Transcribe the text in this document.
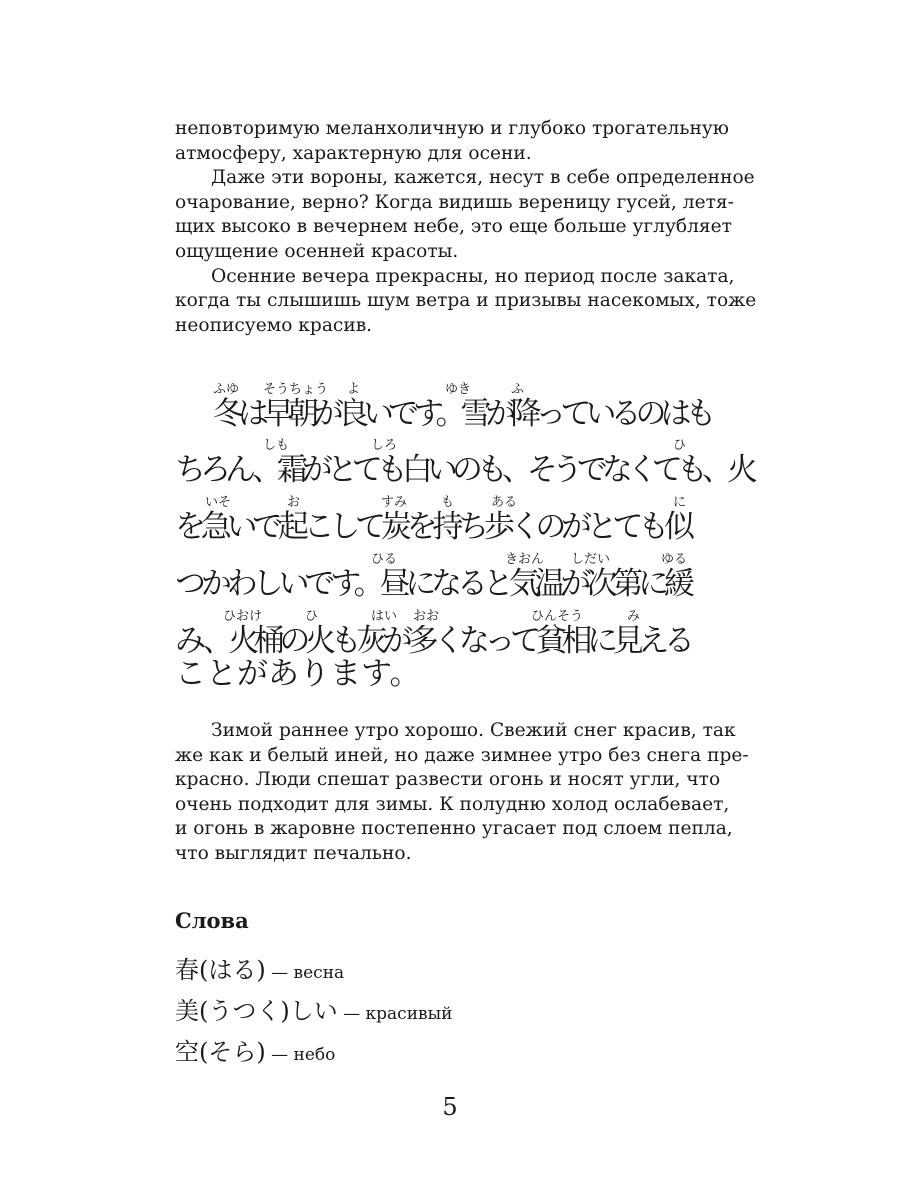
неповторимую меланхоличную и глубоко трогательную
атмосферу, характерную для осени.

Даже эти вороны, кажется, несут в себе определенное
очарование, верно? Когда видишь вереницу гусей, летя-
щих высоко в вечернем небе, это еще больше углубляет
ощущение осенней красоты.

Осенние вечера прекрасны, но период после заката,
когда ты слышишь шум ветра и призывы насекомых, тоже
неописуемо красив.

ふゆ そうちょう よ	ゆき	ふ
冬は早朝が良いです。雪が降っているのはも
しも	しろ	ひ
ちろん、霜がとても白いのも、そうでなくても、火
いそ	お	すみ	も	ある	に
を急いで起こして炭を持ち歩くのがとても似
ひる	きおん しだい	ゆる
つかわしいです。昼になると気温が次第に緩
ひおけ	ひ	はい おお	ひんそう	み
み、火桶の火も灰が多くなって貧相に見える
ことがあります。

Зимой раннее утро хорошо. Свежий снег красив, так
же как и белый иней, но даже зимнее утро без снега пре-
красно. Люди спешат развести огонь и носят угли, что
очень подходит для зимы. К полудню холод ослабевает,
и огонь в жаровне постепенно угасает под слоем пепла,
что выглядит печально.

Слова
春(はる) — весна
美(うつく)しい — красивый
空(そら) — небо
5
